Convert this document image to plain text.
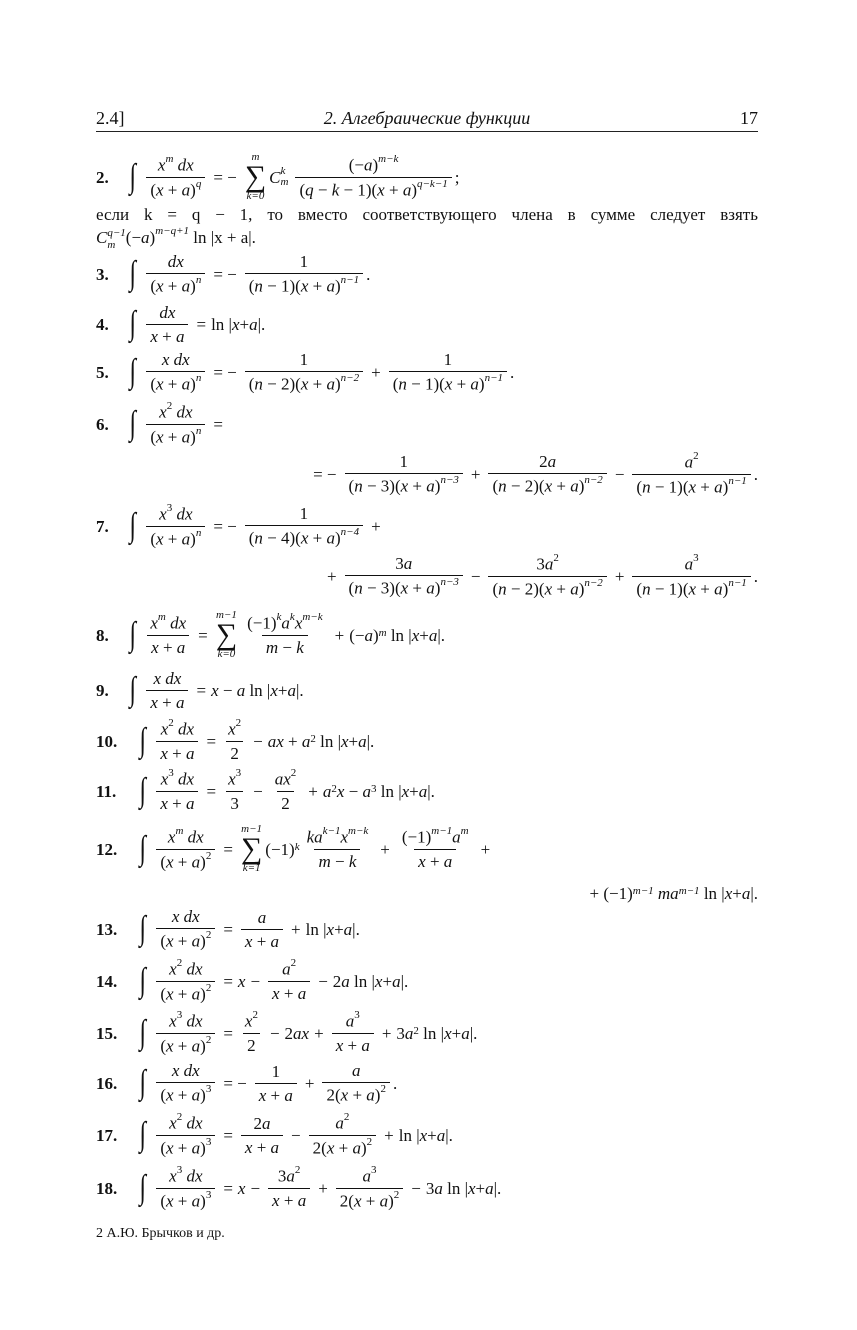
2.4]	2. Алгебраические функции	17
2. ∫ $\frac{x^m dx}{(x + a)^q}$ = −
m
∑
k=0
C k
m $\frac{(-a)^{m-k}}{(q - k - 1)(x + a)^{q-k-1}}$ ;
если k = q − 1, то вместо соответствующего члена в сумме следует взять
C q−1
m $(-a)^{m-q+1}$ ln |x + a|.
3. ∫ $\frac{dx}{(x + a)^n}$ = − $\frac{1}{(n - 1)(x + a)^{n-1}}$ .
4. ∫ $\frac{dx}{x + a} = \ln$ | x + a |.
5. ∫ $\frac{\text{x dx}}{(x + a)^n}$ = − $\frac{1}{(n - 2)(x + a)^{n-2}} + \frac{1}{(n - 1)(x + a)^{n-1}}$ .
6. ∫ $\frac{x^2 dx}{(x + a)^n}$ =
= − $\frac{1}{(n - 3)(x + a)^{n-3}} + \frac{2a}{(n - 2)(x + a)^{n-2}} - \frac{a^2}{(n - 1)(x + a)^{n-1}}$ .
7. ∫ $\frac{x^3 dx}{(x + a)^n}$ = − $\frac{1}{(n - 4)(x + a)^{n-4}}$ +
+ $\frac{3a}{(n - 3)(x + a)^{n-3}} - \frac{3a^2}{(n - 2)(x + a)^{n-2}} + \frac{a^3}{(n - 1)(x + a)^{n-1}}$ .
8. ∫ $\frac{x^m dx}{x + a}$ =
m−1
∑
$k=0 \frac{(-1)^ka^kx^{m-k}}{m - k}$ + (− a )$^m$ ln | x + a |.
9. ∫ $\frac{\text{x dx}}{x + a} = x - a$ ln | x + a |.
10. ∫ $\frac{x^2 dx}{x + a} = \frac{x^2}{2}$ − ax + $a^2$ ln | x + a |.
11. ∫ $\frac{x^3 dx}{x + a} = \frac{x^3}{3} - \frac{ax^2}{2} + a^2$ $x - a^3$ ln | x + a |.
12. ∫ $\frac{x^m dx}{(x + a)^2}$ =
m−1
∑
k=1
$(-1)^k \frac{ka^{k-1}x^{m-k}}{m - k} + \frac{(-1)^{m-1}a^m}{x + a}$ +
+ $(-1)^{m-1}$
$ma^{m-1}$ ln | x + a |.
13. ∫ $\frac{\text{x dx}}{(x + a)^2} = \frac{a}{x + a} + \ln$ | x + a |.
14. ∫ $\frac{x^2 dx}{(x + a)^2} = x - \frac{a^2}{x + a} - 2$ a ln | x + a |.
15. ∫ $\frac{x^3 dx}{(x + a)^2} = \frac{x^2}{2} - 2$ ax + $\frac{a^3}{x + a} + 3$ $a^2$ ln | x + a |.
16. ∫ $\frac{\text{x dx}}{(x + a)^3}$ = − $\frac{1}{x + a} + \frac{a}{2(x + a)^2}$ .
17. ∫ $\frac{x^2 dx}{(x + a)^3} = \frac{2a}{x + a} - \frac{a^2}{2(x + a)^2} + \ln$ | x + a |.
18. ∫ $\frac{x^3 dx}{(x + a)^3} = x - \frac{3a^2}{x + a} + \frac{a^3}{2(x + a)^2} - 3$ a ln | x + a |.
2 А.Ю. Брычков и др.
